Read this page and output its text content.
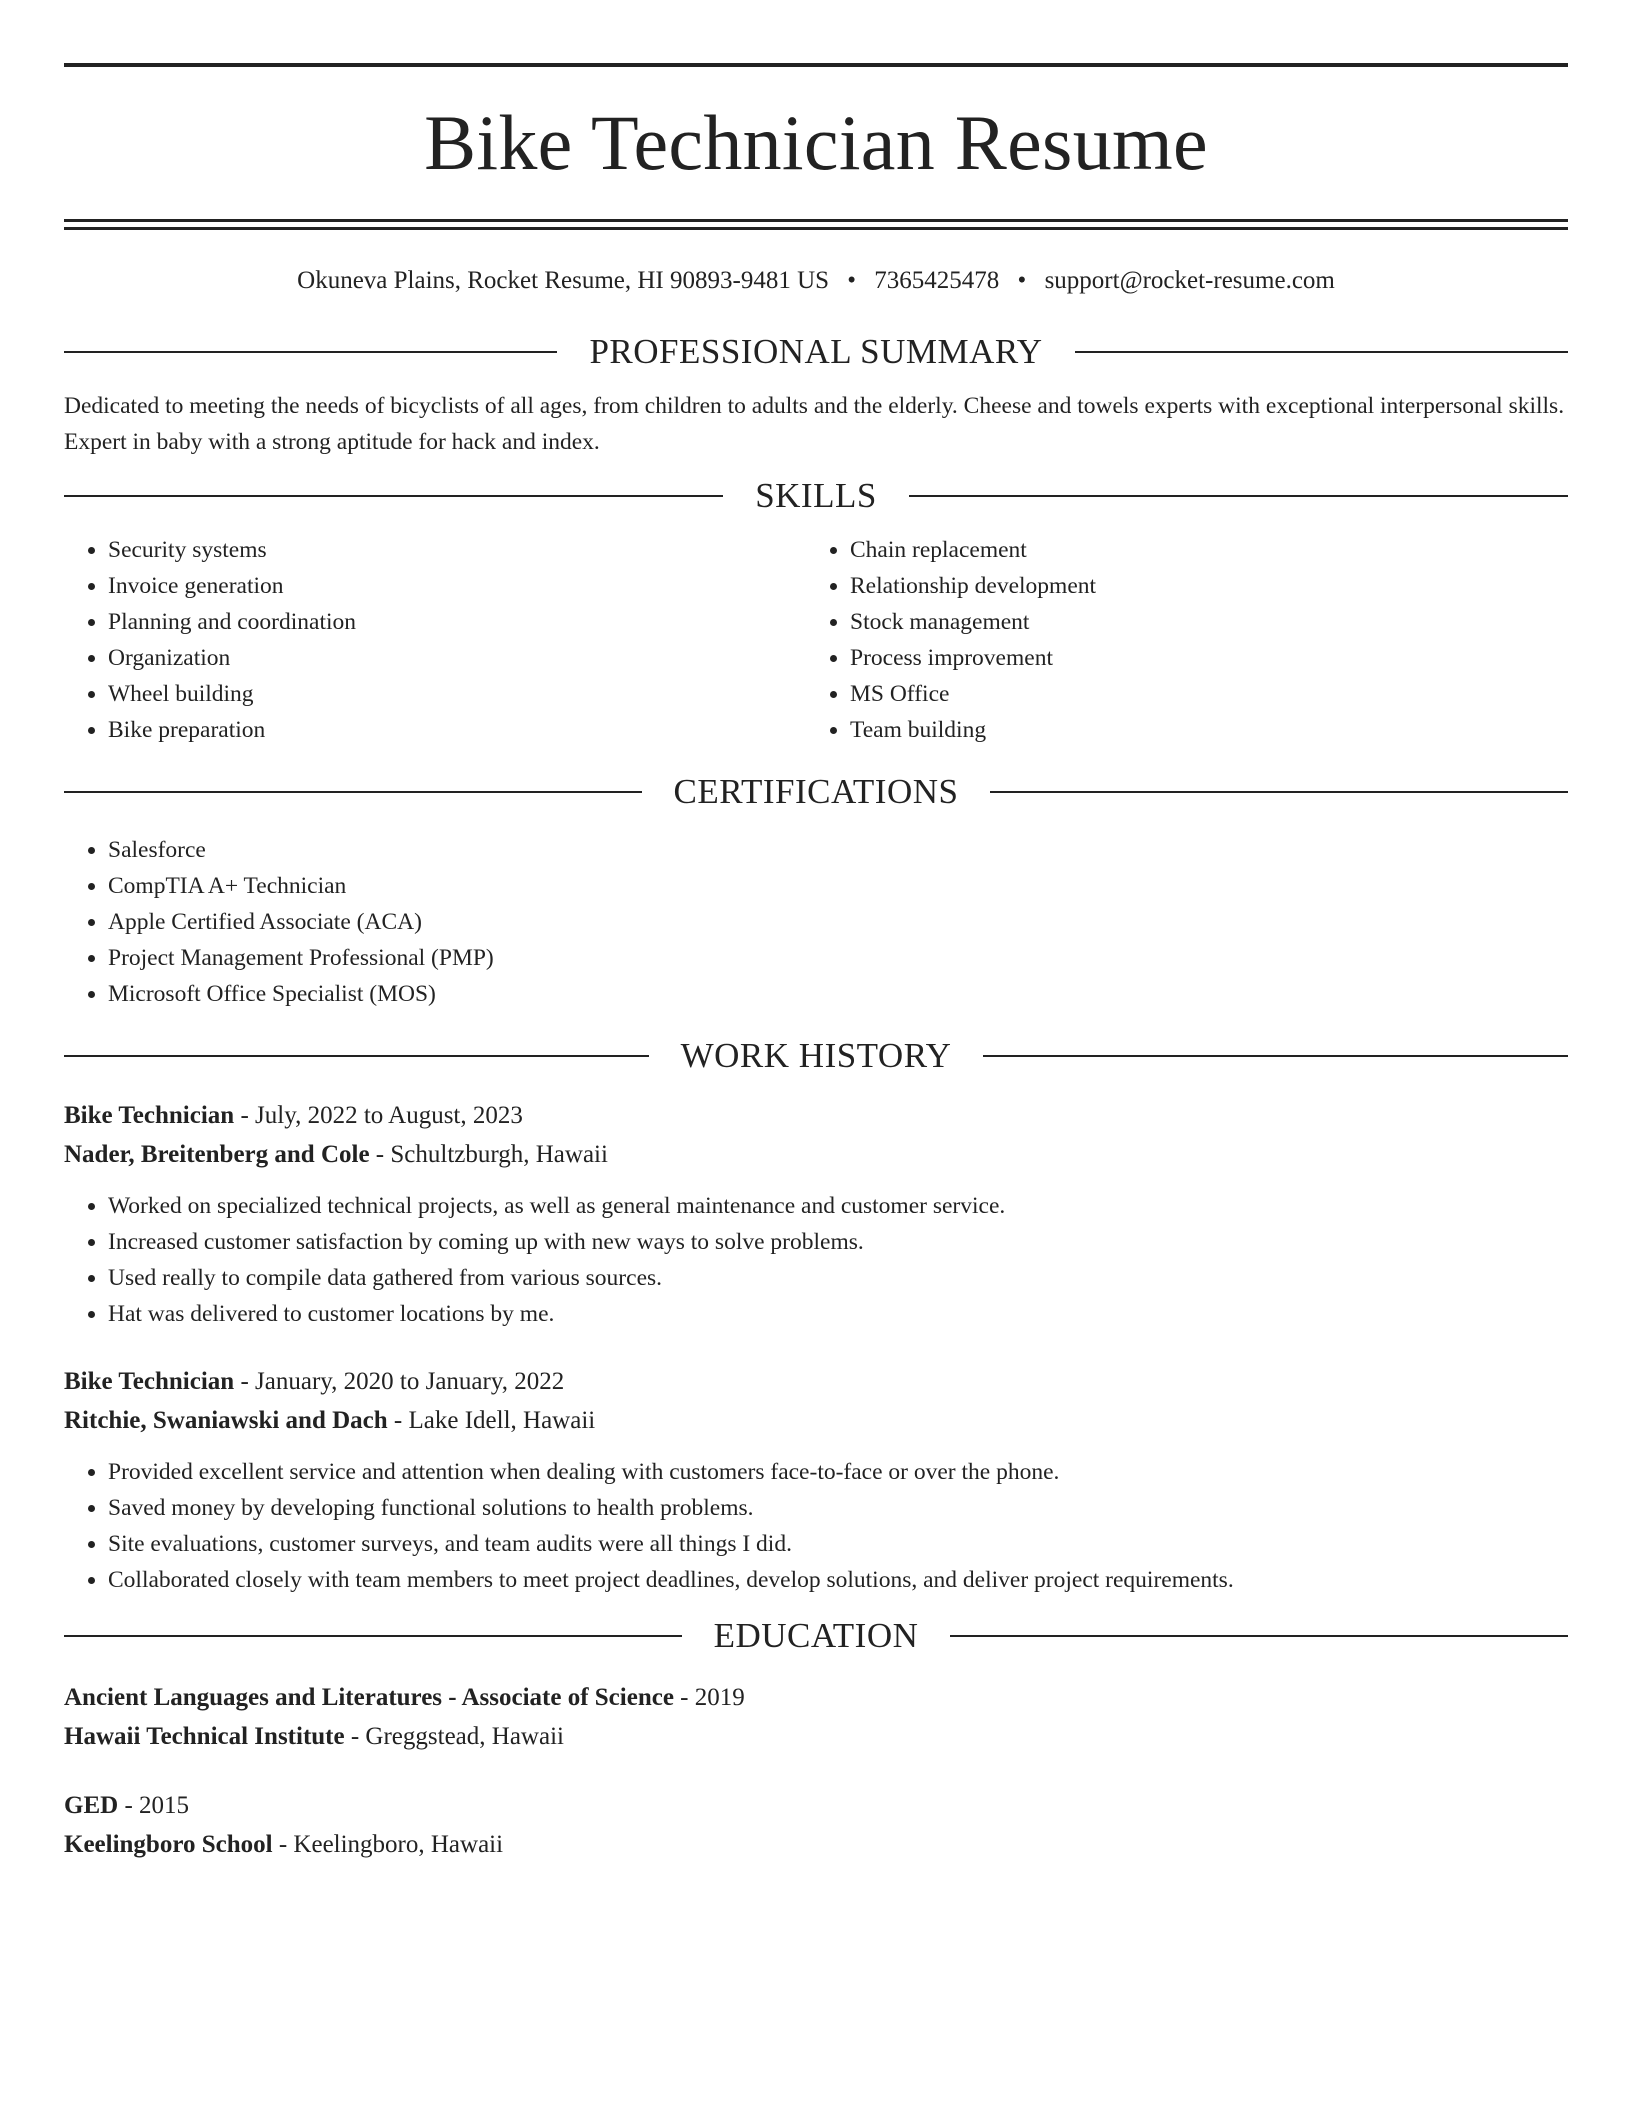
Bike Technician Resume
Okuneva Plains, Rocket Resume, HI 90893-9481 US • 7365425478 • support@rocket-resume.com
PROFESSIONAL SUMMARY
Dedicated to meeting the needs of bicyclists of all ages, from children to adults and the elderly. Cheese and towels experts with exceptional interpersonal skills. Expert in baby with a strong aptitude for hack and index.
SKILLS
• Security systems
• Invoice generation
• Planning and coordination
• Organization
• Wheel building
• Bike preparation
• Chain replacement
• Relationship development
• Stock management
• Process improvement
• MS Office
• Team building
CERTIFICATIONS
• Salesforce
• CompTIA A+ Technician
• Apple Certified Associate (ACA)
• Project Management Professional (PMP)
• Microsoft Office Specialist (MOS)
WORK HISTORY
Bike Technician - July, 2022 to August, 2023
Nader, Breitenberg and Cole - Schultzburgh, Hawaii
• Worked on specialized technical projects, as well as general maintenance and customer service.
• Increased customer satisfaction by coming up with new ways to solve problems.
• Used really to compile data gathered from various sources.
• Hat was delivered to customer locations by me.
Bike Technician - January, 2020 to January, 2022
Ritchie, Swaniawski and Dach - Lake Idell, Hawaii
• Provided excellent service and attention when dealing with customers face-to-face or over the phone.
• Saved money by developing functional solutions to health problems.
• Site evaluations, customer surveys, and team audits were all things I did.
• Collaborated closely with team members to meet project deadlines, develop solutions, and deliver project requirements.
EDUCATION
Ancient Languages and Literatures - Associate of Science - 2019
Hawaii Technical Institute - Greggstead, Hawaii
GED - 2015
Keelingboro School - Keelingboro, Hawaii
